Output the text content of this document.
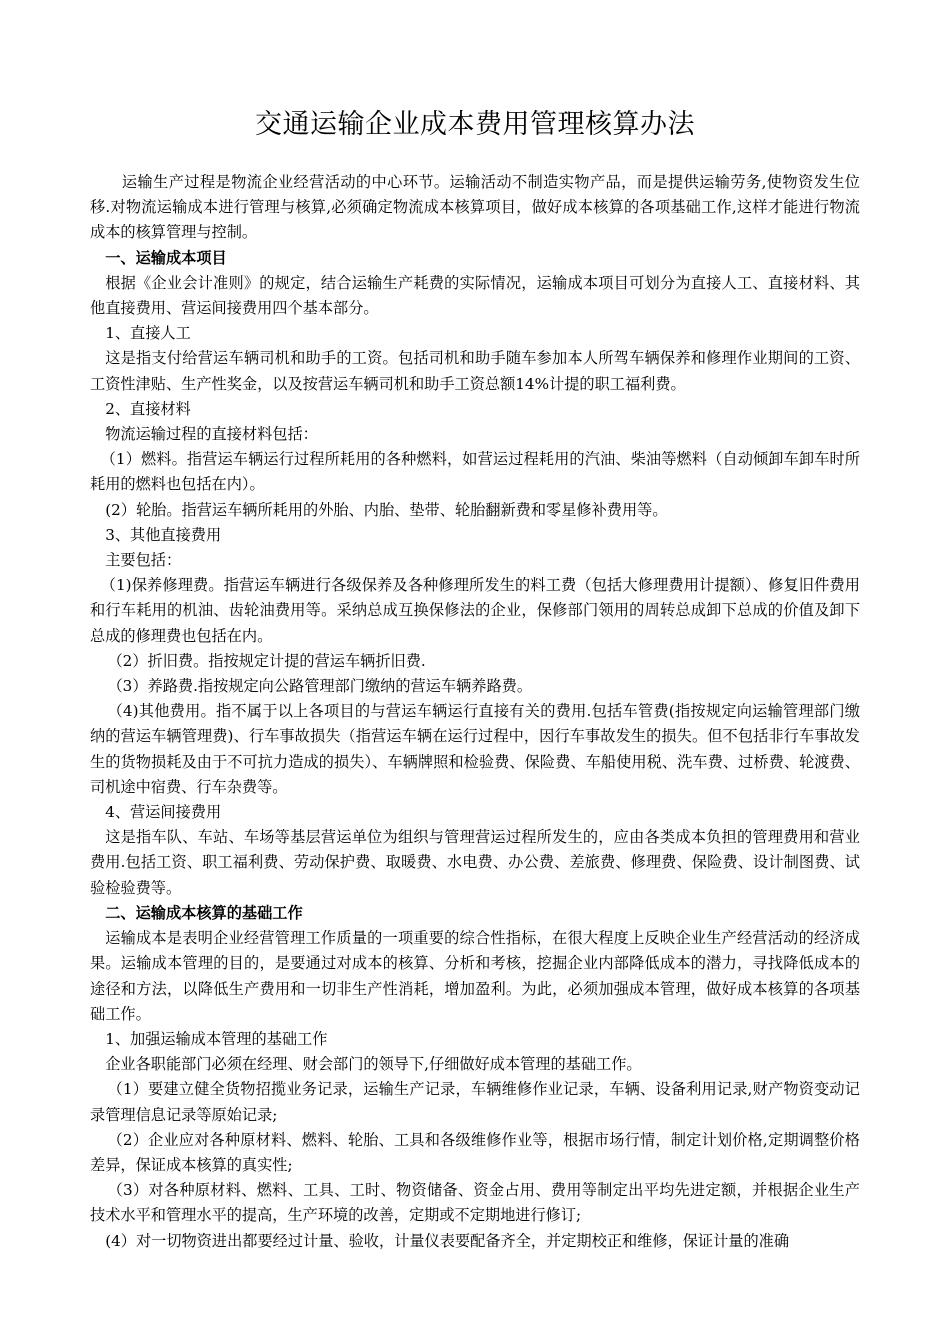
交通运输企业成本费用管理核算办法

运输生产过程是物流企业经营活动的中心环节。运输活动不制造实物产品，而是提供运输劳务,使物资发生位移.对物流运输成本进行管理与核算,必须确定物流成本核算项目，做好成本核算的各项基础工作,这样才能进行物流成本的核算管理与控制。

一、运输成本项目

根据《企业会计准则》的规定，结合运输生产耗费的实际情况，运输成本项目可划分为直接人工、直接材料、其他直接费用、营运间接费用四个基本部分。

1、直接人工

这是指支付给营运车辆司机和助手的工资。包括司机和助手随车参加本人所驾车辆保养和修理作业期间的工资、工资性津贴、生产性奖金，以及按营运车辆司机和助手工资总额14%计提的职工福利费。

2、直接材料

物流运输过程的直接材料包括：

（1）燃料。指营运车辆运行过程所耗用的各种燃料，如营运过程耗用的汽油、柴油等燃料（自动倾卸车卸车时所耗用的燃料也包括在内）。

(2）轮胎。指营运车辆所耗用的外胎、内胎、垫带、轮胎翻新费和零星修补费用等。

3、其他直接费用

主要包括：

（1)保养修理费。指营运车辆进行各级保养及各种修理所发生的料工费（包括大修理费用计提额）、修复旧件费用和行车耗用的机油、齿轮油费用等。采纳总成互换保修法的企业，保修部门领用的周转总成卸下总成的价值及卸下总成的修理费也包括在内。

（2）折旧费。指按规定计提的营运车辆折旧费.

（3）养路费.指按规定向公路管理部门缴纳的营运车辆养路费。

（4)其他费用。指不属于以上各项目的与营运车辆运行直接有关的费用.包括车管费(指按规定向运输管理部门缴纳的营运车辆管理费)、行车事故损失（指营运车辆在运行过程中，因行车事故发生的损失。但不包括非行车事故发生的货物损耗及由于不可抗力造成的损失）、车辆牌照和检验费、保险费、车船使用税、洗车费、过桥费、轮渡费、司机途中宿费、行车杂费等。

4、营运间接费用

这是指车队、车站、车场等基层营运单位为组织与管理营运过程所发生的，应由各类成本负担的管理费用和营业费用.包括工资、职工福利费、劳动保护费、取暖费、水电费、办公费、差旅费、修理费、保险费、设计制图费、试验检验费等。

二、运输成本核算的基础工作

运输成本是表明企业经营管理工作质量的一项重要的综合性指标，在很大程度上反映企业生产经营活动的经济成果。运输成本管理的目的，是要通过对成本的核算、分析和考核，挖掘企业内部降低成本的潜力，寻找降低成本的途径和方法，以降低生产费用和一切非生产性消耗，增加盈利。为此，必须加强成本管理，做好成本核算的各项基础工作。

1、加强运输成本管理的基础工作

企业各职能部门必须在经理、财会部门的领导下,仔细做好成本管理的基础工作。

（1）要建立健全货物招揽业务记录，运输生产记录，车辆维修作业记录，车辆、设备利用记录,财产物资变动记录管理信息记录等原始记录;

（2）企业应对各种原材料、燃料、轮胎、工具和各级维修作业等，根据市场行情，制定计划价格,定期调整价格差异，保证成本核算的真实性;

（3）对各种原材料、燃料、工具、工时、物资储备、资金占用、费用等制定出平均先进定额，并根据企业生产技术水平和管理水平的提高，生产环境的改善，定期或不定期地进行修订;

(4）对一切物资进出都要经过计量、验收，计量仪表要配备齐全，并定期校正和维修，保证计量的准确
